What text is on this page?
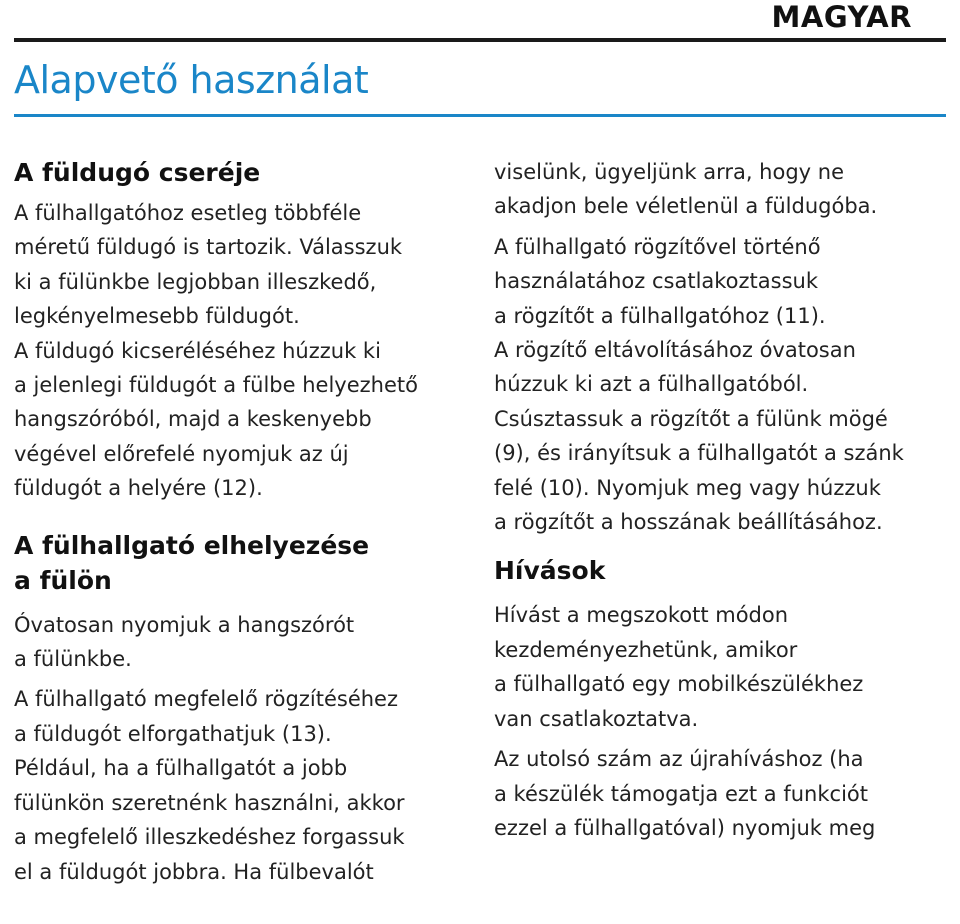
MAGYAR
Alapvető használat
A füldugó cseréje

A fülhallgatóhoz esetleg többféle
méretű füldugó is tartozik. Válasszuk
ki a fülünkbe legjobban illeszkedő,
legkényelmesebb füldugót.

A füldugó kicseréléséhez húzzuk ki
a jelenlegi füldugót a fülbe helyezhető
hangszóróból, majd a keskenyebb
végével előrefelé nyomjuk az új
füldugót a helyére (12).

A fülhallgató elhelyezése
a fülön

Óvatosan nyomjuk a hangszórót
a fülünkbe.

A fülhallgató megfelelő rögzítéséhez
a füldugót elforgathatjuk (13).
Például, ha a fülhallgatót a jobb
fülünkön szeretnénk használni, akkor
a megfelelő illeszkedéshez forgassuk
el a füldugót jobbra. Ha fülbevalót

viselünk, ügyeljünk arra, hogy ne
akadjon bele véletlenül a füldugóba.

A fülhallgató rögzítővel történő
használatához csatlakoztassuk
a rögzítőt a fülhallgatóhoz (11).
A rögzítő eltávolításához óvatosan
húzzuk ki azt a fülhallgatóból.
Csúsztassuk a rögzítőt a fülünk mögé
(9), és irányítsuk a fülhallgatót a szánk
felé (10). Nyomjuk meg vagy húzzuk
a rögzítőt a hosszának beállításához.

Hívások

Hívást a megszokott módon
kezdeményezhetünk, amikor
a fülhallgató egy mobilkészülékhez
van csatlakoztatva.

Az utolsó szám az újrahíváshoz (ha
a készülék támogatja ezt a funkciót
ezzel a fülhallgatóval) nyomjuk meg
